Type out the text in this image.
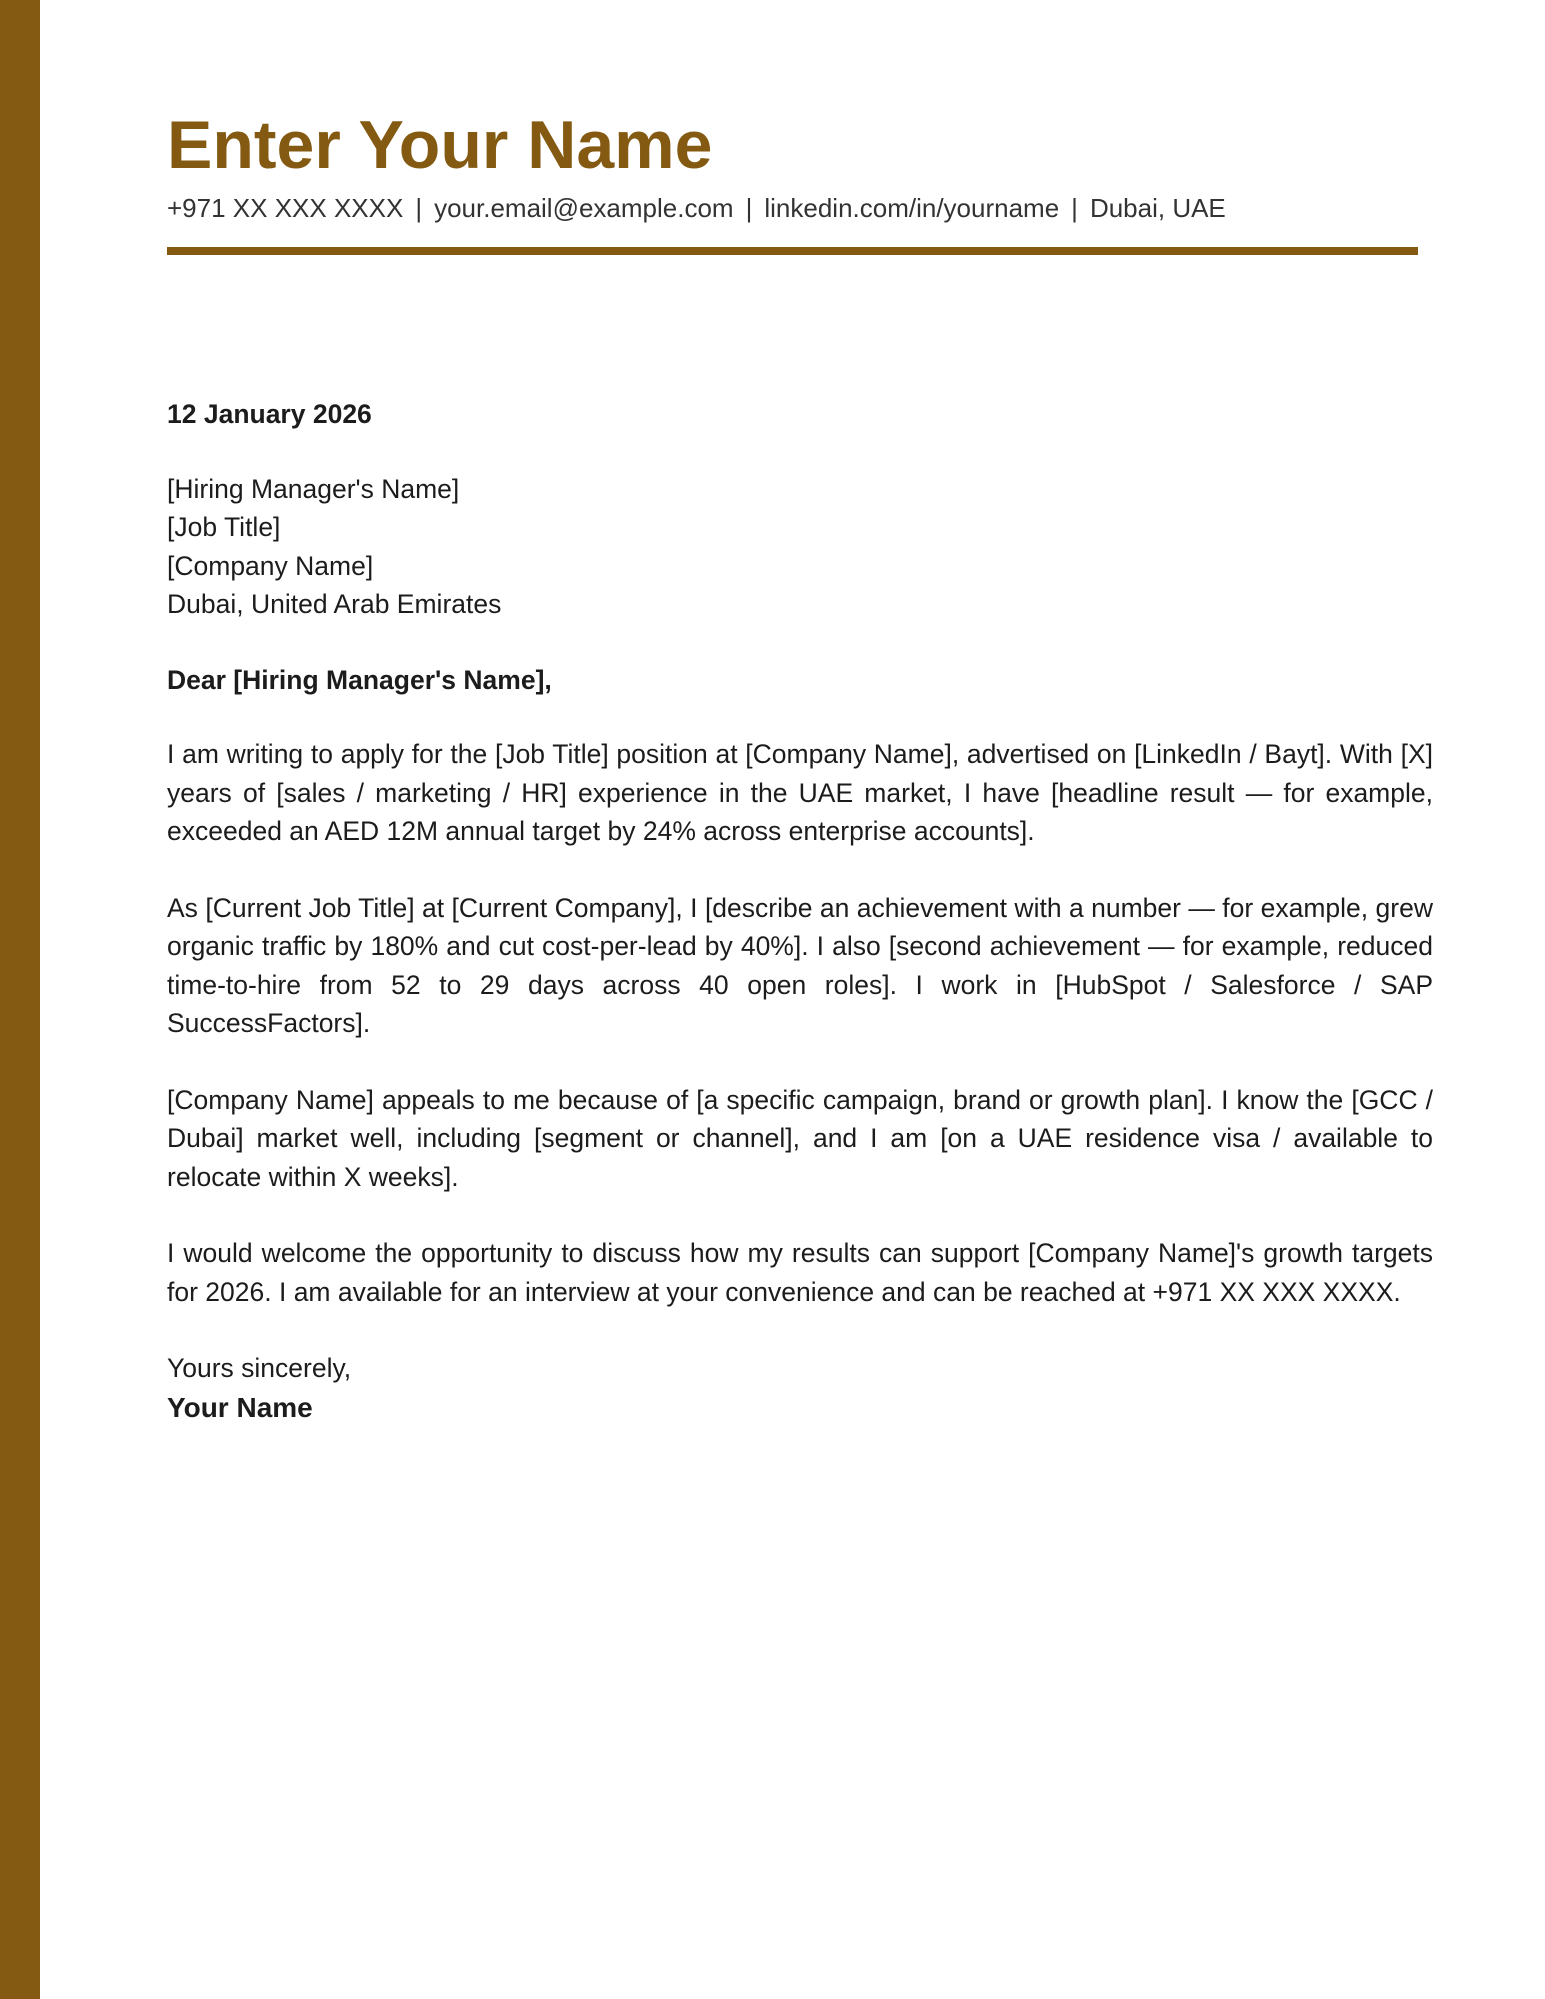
Enter Your Name
+971 XX XXX XXXX | your.email@example.com | linkedin.com/in/yourname | Dubai, UAE

12 January 2026

[Hiring Manager's Name]
[Job Title]
[Company Name]
Dubai, United Arab Emirates

Dear [Hiring Manager's Name],

I am writing to apply for the [Job Title] position at [Company Name], advertised on [LinkedIn / Bayt]. With [X] years of [sales / marketing / HR] experience in the UAE market, I have [headline result — for example, exceeded an AED 12M annual target by 24% across enterprise accounts].

As [Current Job Title] at [Current Company], I [describe an achievement with a number — for example, grew organic traffic by 180% and cut cost-per-lead by 40%]. I also [second achievement — for example, reduced time-to-hire from 52 to 29 days across 40 open roles]. I work in [HubSpot / Salesforce / SAP SuccessFactors].

[Company Name] appeals to me because of [a specific campaign, brand or growth plan]. I know the [GCC / Dubai] market well, including [segment or channel], and I am [on a UAE residence visa / available to relocate within X weeks].

I would welcome the opportunity to discuss how my results can support [Company Name]'s growth targets for 2026. I am available for an interview at your convenience and can be reached at +971 XX XXX XXXX.

Yours sincerely,
Your Name
